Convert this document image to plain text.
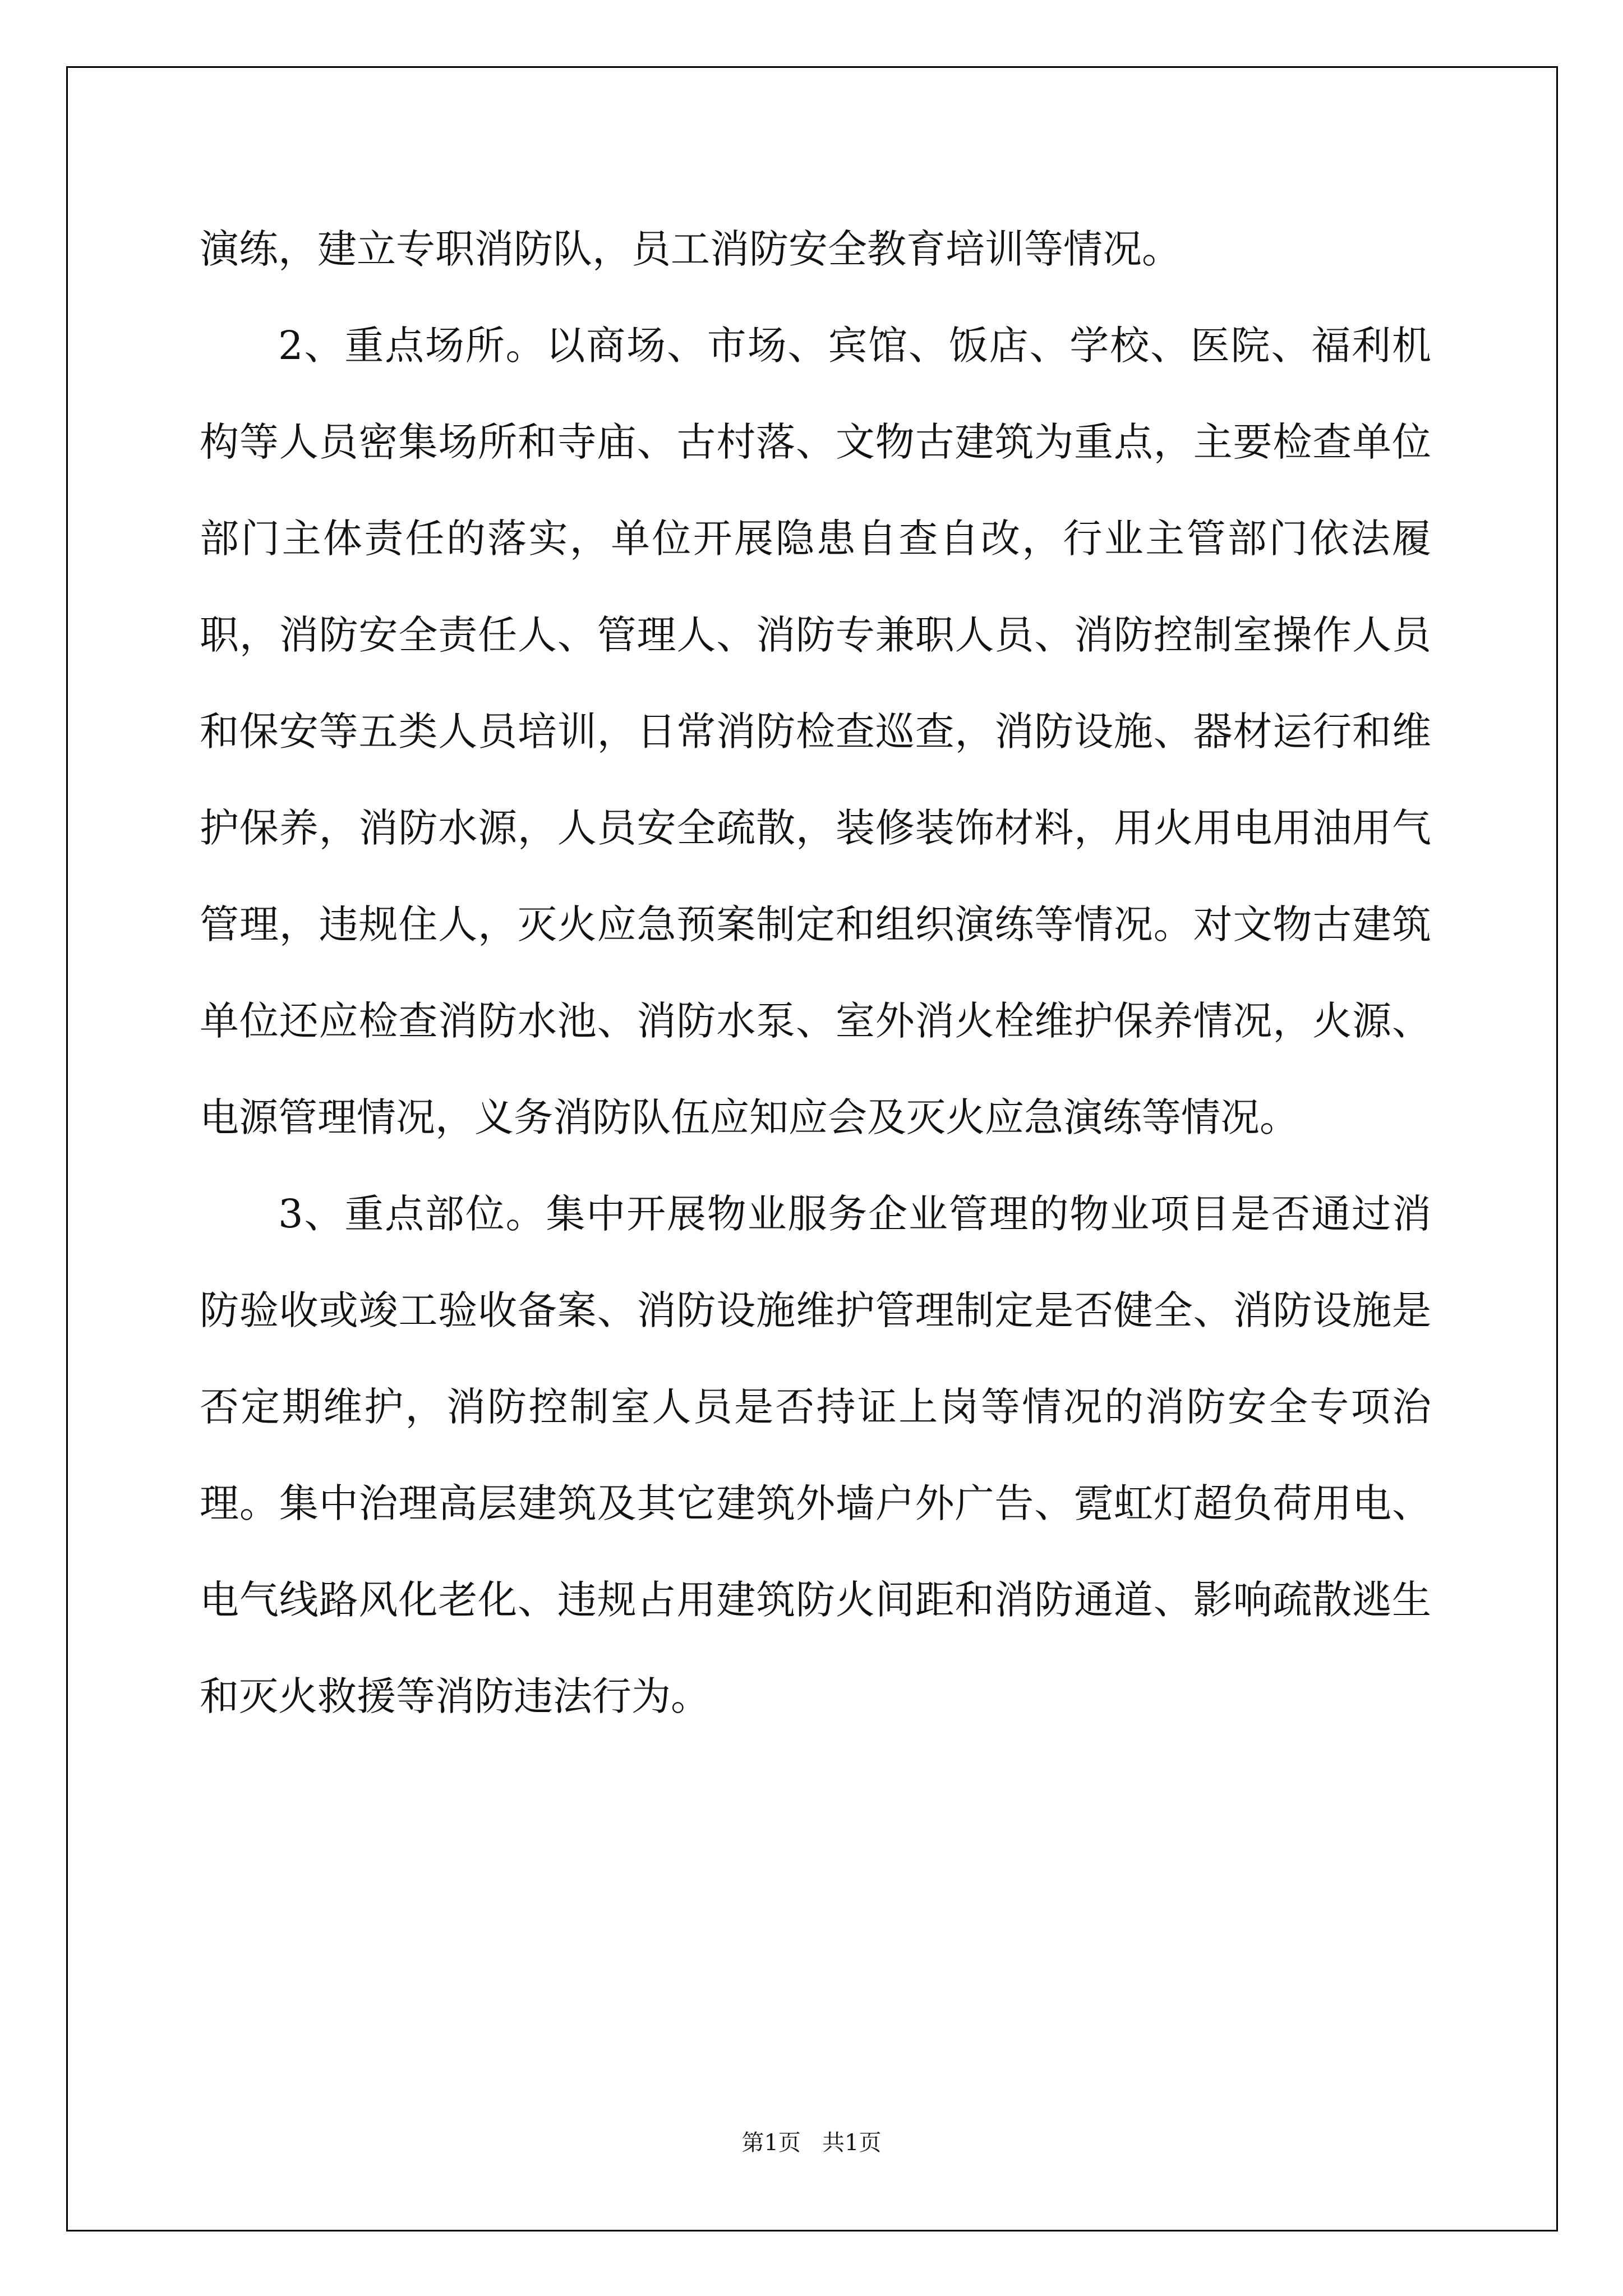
演练，建立专职消防队，员工消防安全教育培训等情况。

2、重点场所。以商场、市场、宾馆、饭店、学校、医院、福利机构等人员密集场所和寺庙、古村落、文物古建筑为重点，主要检查单位部门主体责任的落实，单位开展隐患自查自改，行业主管部门依法履职，消防安全责任人、管理人、消防专兼职人员、消防控制室操作人员和保安等五类人员培训，日常消防检查巡查，消防设施、器材运行和维护保养，消防水源，人员安全疏散，装修装饰材料，用火用电用油用气管理，违规住人，灭火应急预案制定和组织演练等情况。对文物古建筑单位还应检查消防水池、消防水泵、室外消火栓维护保养情况，火源、电源管理情况，义务消防队伍应知应会及灭火应急演练等情况。

3、重点部位。集中开展物业服务企业管理的物业项目是否通过消防验收或竣工验收备案、消防设施维护管理制定是否健全、消防设施是否定期维护，消防控制室人员是否持证上岗等情况的消防安全专项治理。集中治理高层建筑及其它建筑外墙户外广告、霓虹灯超负荷用电、电气线路风化老化、违规占用建筑防火间距和消防通道、影响疏散逃生和灭火救援等消防违法行为。

第1页   共1页
